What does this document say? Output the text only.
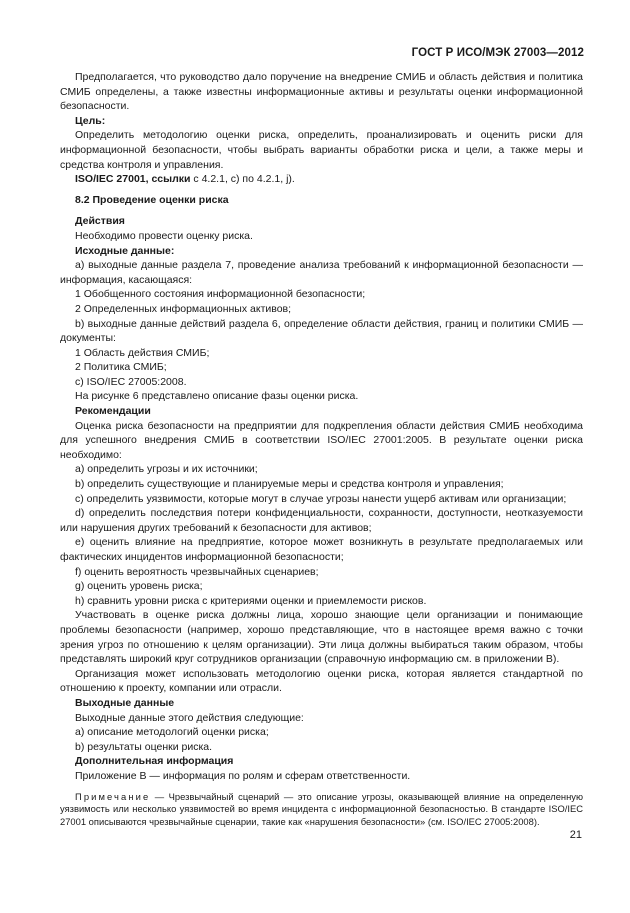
ГОСТ Р ИСО/МЭК 27003—2012

Предполагается, что руководство дало поручение на внедрение СМИБ и область действия и политика СМИБ определены, а также известны информационные активы и результаты оценки информационной безопасности.

Цель:

Определить методологию оценки риска, определить, проанализировать и оценить риски для информационной безопасности, чтобы выбрать варианты обработки риска и цели, а также меры и средства контроля и управления.

ISO/IEC 27001, ссылки с 4.2.1, с) по 4.2.1, j).

8.2 Проведение оценки риска

Действия

Необходимо провести оценку риска.

Исходные данные:

а) выходные данные раздела 7, проведение анализа требований к информационной безопасности — информация, касающаяся:

1 Обобщенного состояния информационной безопасности;

2 Определенных информационных активов;

b) выходные данные действий раздела 6, определение области действия, границ и политики СМИБ — документы:

1 Область действия СМИБ;

2 Политика СМИБ;

с) ISO/IEC 27005:2008.

На рисунке 6 представлено описание фазы оценки риска.

Рекомендации

Оценка риска безопасности на предприятии для подкрепления области действия СМИБ необходима для успешного внедрения СМИБ в соответствии ISO/IEC 27001:2005. В результате оценки риска необходимо:

а) определить угрозы и их источники;

b) определить существующие и планируемые меры и средства контроля и управления;

с) определить уязвимости, которые могут в случае угрозы нанести ущерб активам или организации;

d) определить последствия потери конфиденциальности, сохранности, доступности, неотказуемости или нарушения других требований к безопасности для активов;

е) оценить влияние на предприятие, которое может возникнуть в результате предполагаемых или фактических инцидентов информационной безопасности;

f) оценить вероятность чрезвычайных сценариев;

g) оценить уровень риска;

h) сравнить уровни риска с критериями оценки и приемлемости рисков.

Участвовать в оценке риска должны лица, хорошо знающие цели организации и понимающие проблемы безопасности (например, хорошо представляющие, что в настоящее время важно с точки зрения угроз по отношению к целям организации). Эти лица должны выбираться таким образом, чтобы представлять широкий круг сотрудников организации (справочную информацию см. в приложении В).

Организация может использовать методологию оценки риска, которая является стандартной по отношению к проекту, компании или отрасли.

Выходные данные

Выходные данные этого действия следующие:

а) описание методологий оценки риска;

b) результаты оценки риска.

Дополнительная информация

Приложение В — информация по ролям и сферам ответственности.

Примечание — Чрезвычайный сценарий — это описание угрозы, оказывающей влияние на определенную уязвимость или несколько уязвимостей во время инцидента с информационной безопасностью. В стандарте ISO/IEC 27001 описываются чрезвычайные сценарии, такие как «нарушения безопасности» (см. ISO/IEC 27005:2008).

21
